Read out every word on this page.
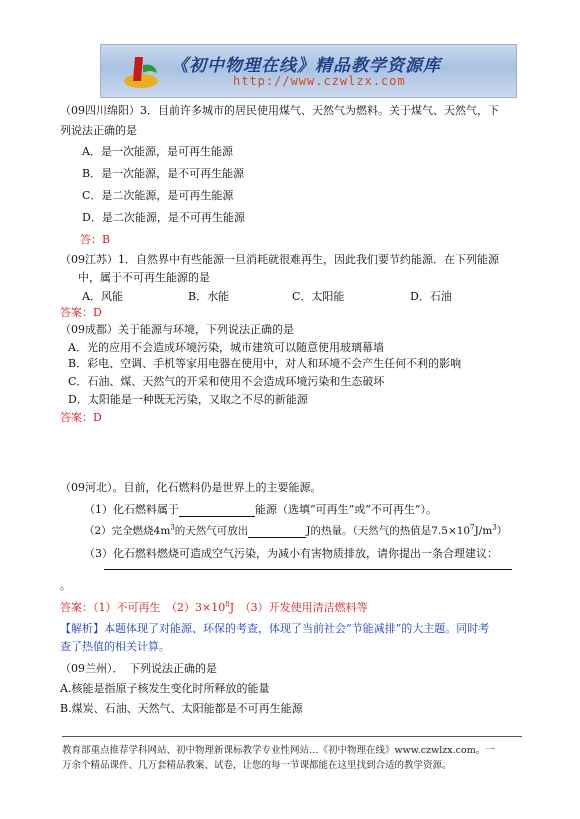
《初中物理在线》精品教学资源库
http://www.czwlzx.com
（09四川绵阳）3．目前许多城市的居民使用煤气、天然气为燃料。关于煤气、天然气，下
列说法正确的是
A．是一次能源，是可再生能源
B．是一次能源，是不可再生能源
C．是二次能源，是可再生能源
D．是二次能源，是不可再生能源
答：B
（09江苏）1．自然界中有些能源一旦消耗就很难再生，因此我们要节约能源．在下列能源
中，属于不可再生能源的是
A．风能	B．水能	C．太阳能	D．石油
答案：D
（09成都）关于能源与环境，下列说法正确的是
A．光的应用不会造成环境污染，城市建筑可以随意使用玻璃幕墙
B．彩电、空调、手机等家用电器在使用中，对人和环境不会产生任何不利的影响
C．石油、煤、天然气的开采和使用不会造成环境污染和生态破坏
D．太阳能是一种既无污染，又取之不尽的新能源
答案：D
（09河北）。目前，化石燃料仍是世界上的主要能源。
（1）化石燃料属于	能源（选填“可再生”或“不可再生”）。
（2）完全燃烧$4m^3$的天然气可放出	J的热量。（天然气的热值是$7.5\times 10^7J/m^3$）
（3）化石燃料燃烧可造成空气污染，为减小有害物质排放，请你提出一条合理建议：
。
答案：（1）不可再生　$(2)3\times 10^8J$　（3）开发使用清洁燃料等
【解析】本题体现了对能源、环保的考查，体现了当前社会“节能减排”的大主题。同时考
查了热值的相关计算。
（09兰州）．　下列说法正确的是
A.核能是指原子核发生变化时所释放的能量
B.煤炭、石油、天然气、太阳能都是不可再生能源
教育部重点推荐学科网站、初中物理新课标教学专业性网站…《初中物理在线》www.czwlzx.com。一
万余个精品课件、几万套精品教案、试卷，让您的每一节课都能在这里找到合适的教学资源。
